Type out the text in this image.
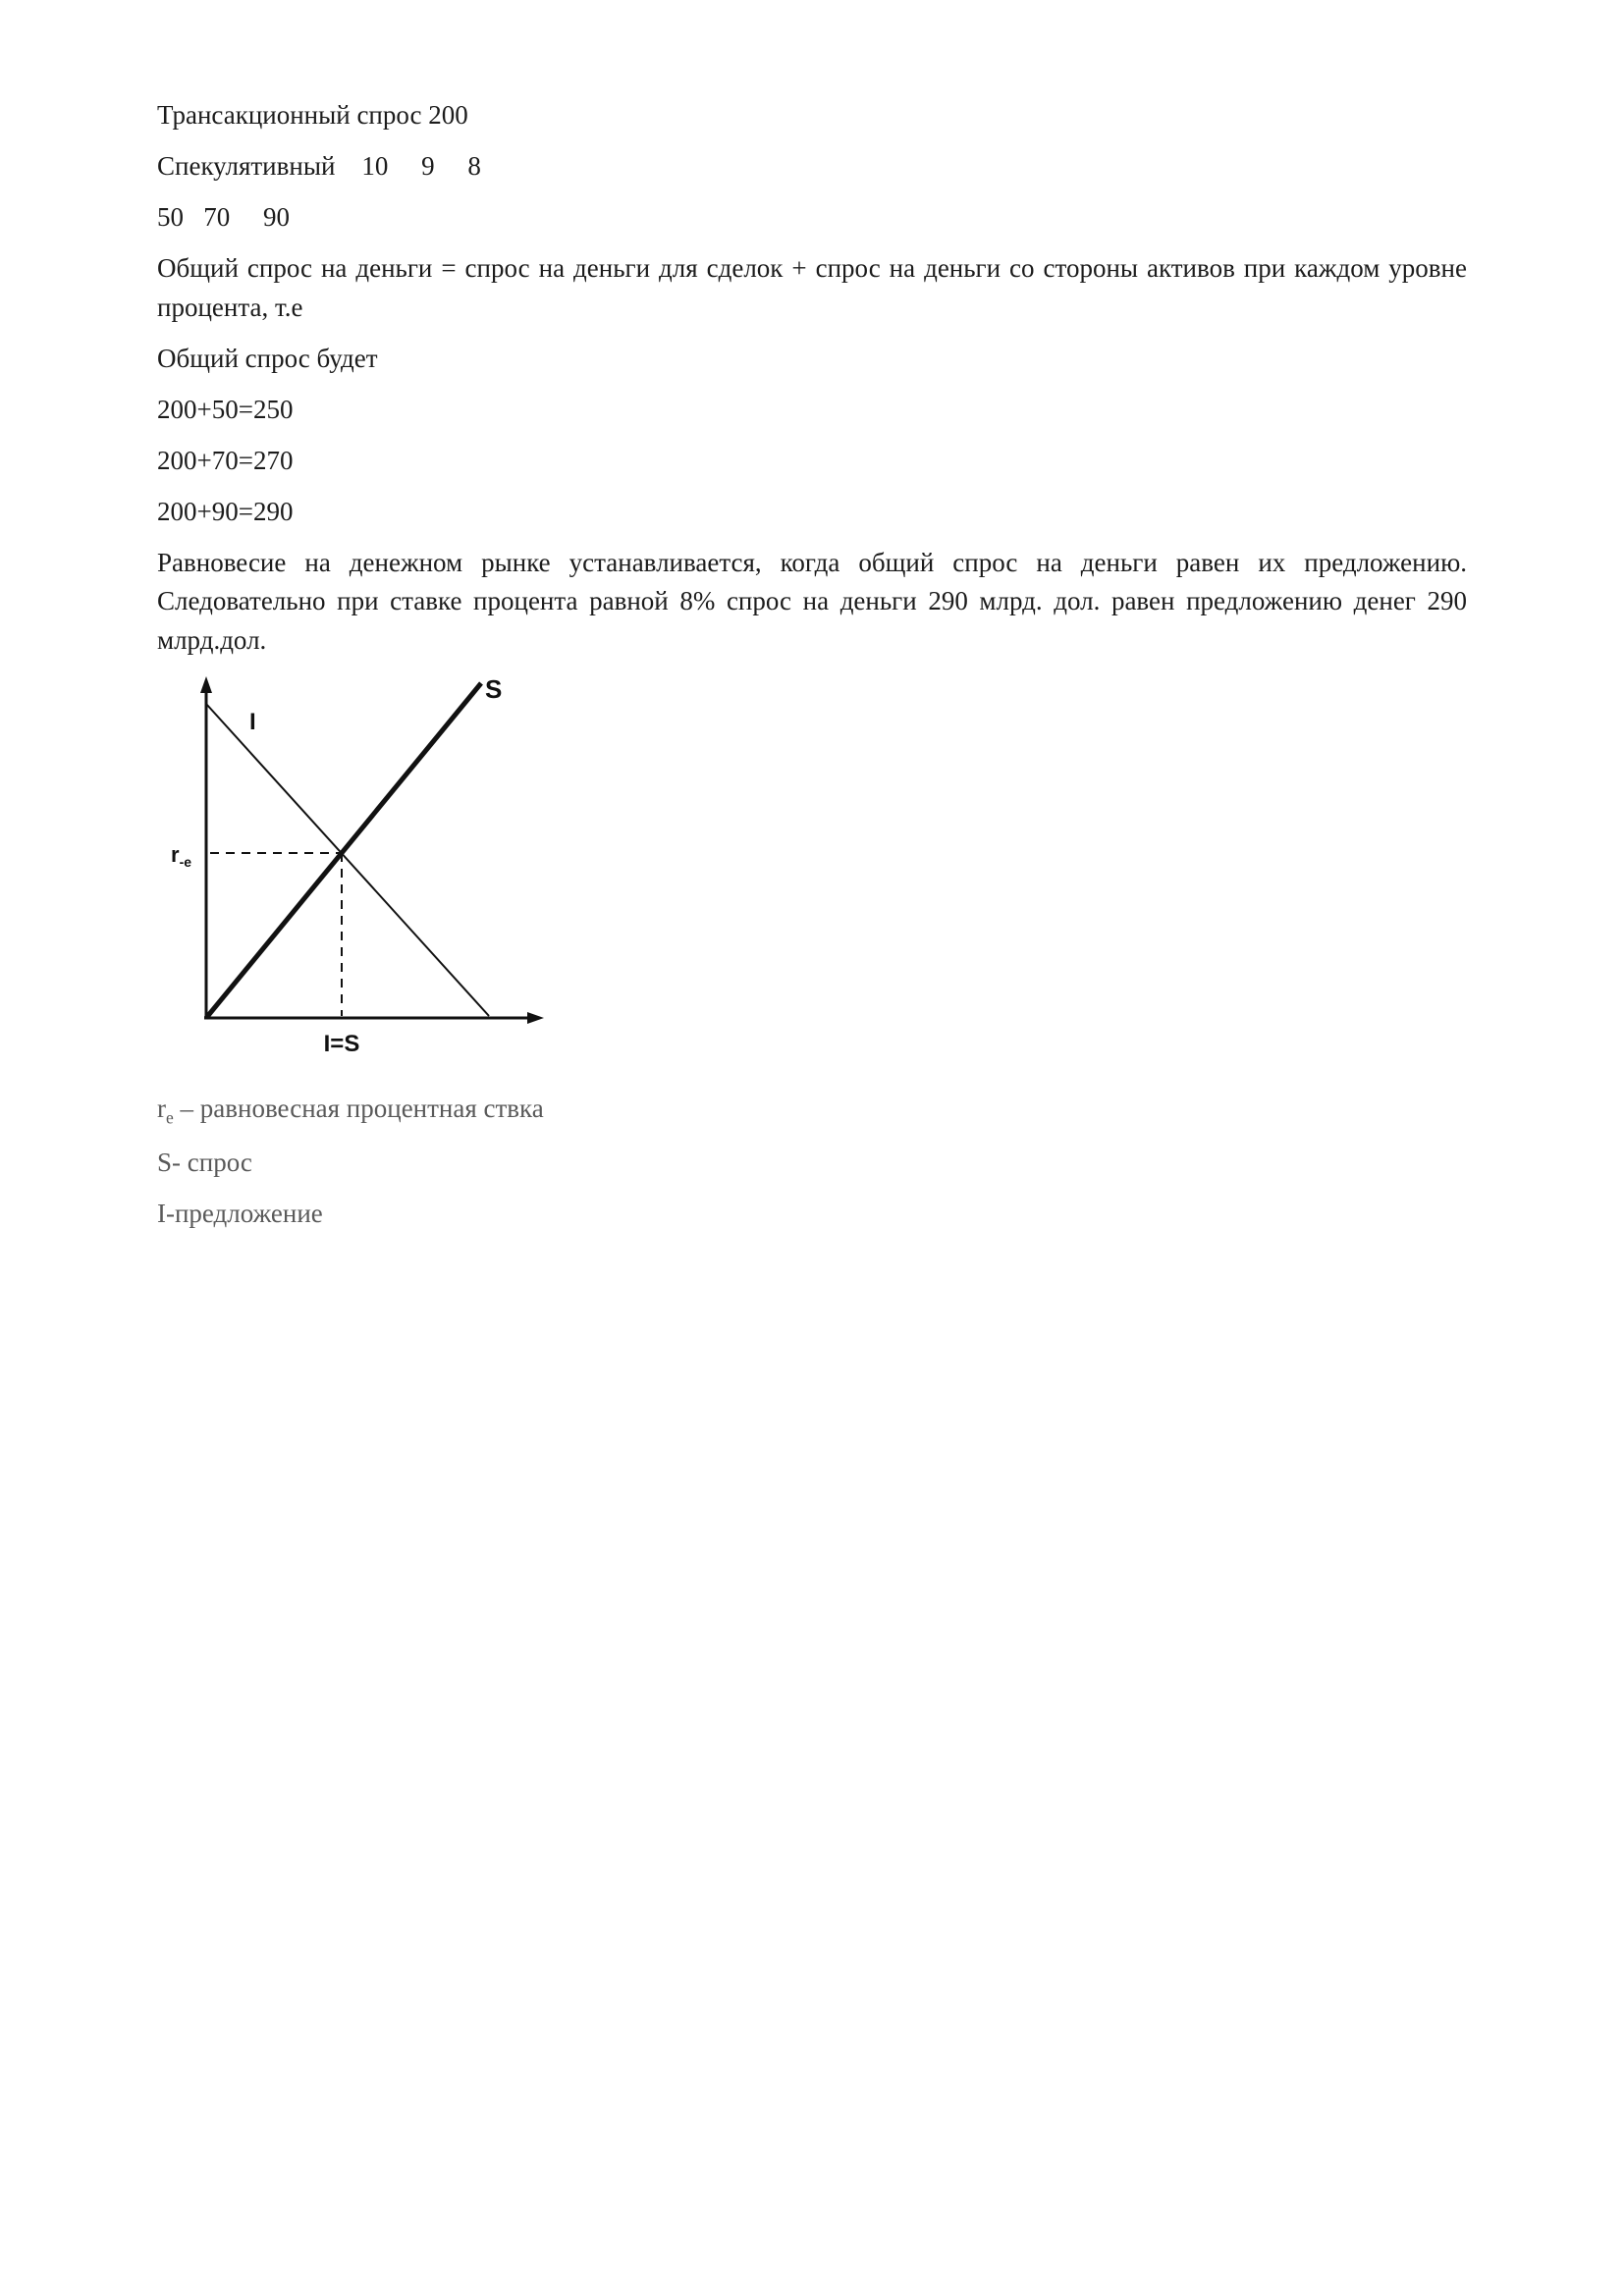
Трансакционный спрос 200

Спекулятивный    10     9     8

50   70     90

Общий спрос на деньги = спрос на деньги для сделок + спрос на деньги со стороны активов при каждом уровне процента, т.е

Общий спрос будет

200+50=250

200+70=270

200+90=290

Равновесие на денежном рынке устанавливается, когда общий спрос на деньги равен их предложению. Следовательно при ставке процента равной 8% спрос на деньги 290 млрд. дол. равен предложению денег 290 млрд.дол.

S
I
$r_{-e}$
I=S

$r_e$ – равновесная процентная ствка

S- спрос

I-предложение
